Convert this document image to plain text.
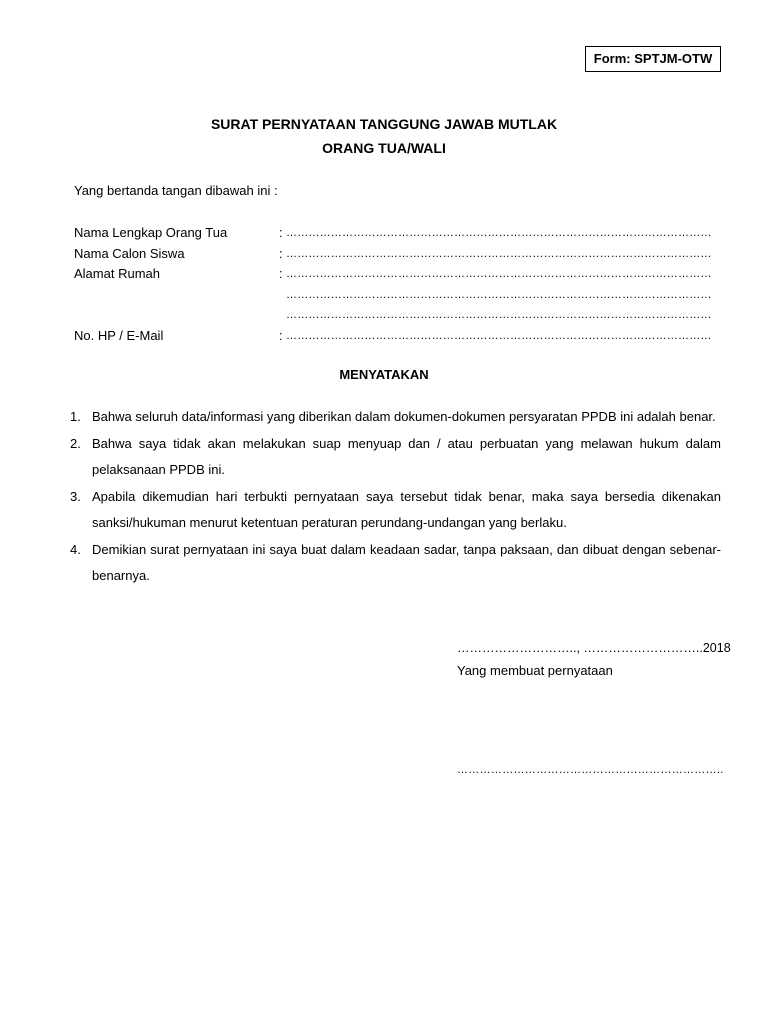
Form: SPTJM-OTW
SURAT PERNYATAAN TANGGUNG JAWAB MUTLAK
ORANG TUA/WALI
Yang bertanda tangan dibawah ini :
Nama Lengkap Orang Tua	: ……………………………………………………………………………………………………
Nama Calon Siswa	: ……………………………………………………………………………………………………
Alamat Rumah	: ……………………………………………………………………………………………………
……………………………………………………………………………………………………
……………………………………………………………………………………………………
No. HP / E-Mail	: ……………………………………………………………………………………………………
MENYATAKAN
1. Bahwa seluruh data/informasi yang diberikan dalam dokumen-dokumen persyaratan PPDB ini adalah benar.
2. Bahwa saya tidak akan melakukan suap menyuap dan / atau perbuatan yang melawan hukum dalam pelaksanaan PPDB ini.
3. Apabila dikemudian hari terbukti pernyataan saya tersebut tidak benar, maka saya bersedia dikenakan sanksi/hukuman menurut ketentuan peraturan perundang-undangan yang berlaku.
4. Demikian surat pernyataan ini saya buat dalam keadaan sadar, tanpa paksaan, dan dibuat dengan sebenar-benarnya.
……………………….., ………………………..2018
Yang membuat pernyataan
……………………………………………………………..
